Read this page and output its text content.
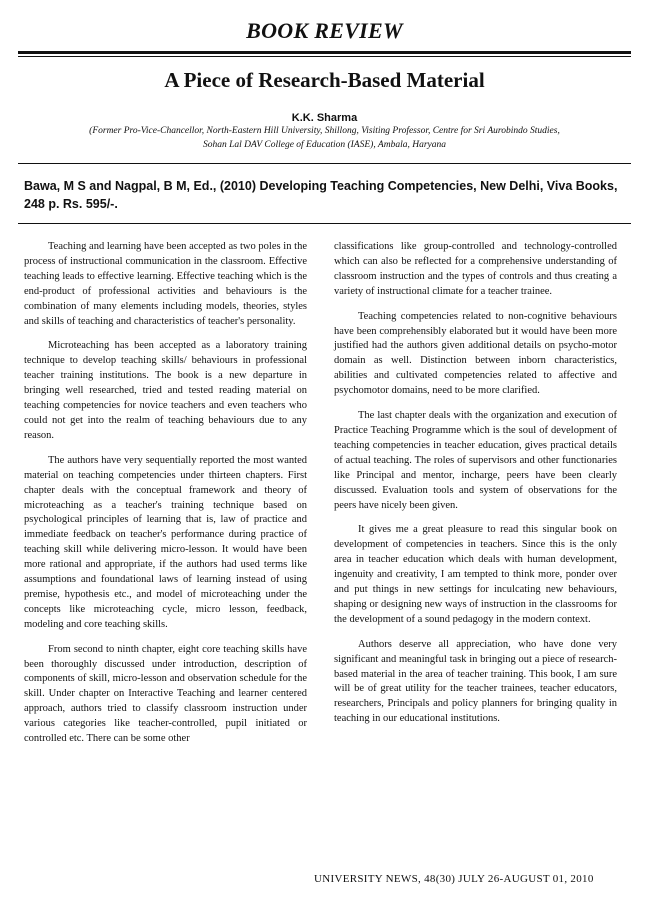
BOOK REVIEW
A Piece of Research-Based Material
K.K. Sharma
(Former Pro-Vice-Chancellor, North-Eastern Hill University, Shillong, Visiting Professor, Centre for Sri Aurobindo Studies,
Sohan Lal DAV College of Education (IASE), Ambala, Haryana
Bawa, M S and Nagpal, B M, Ed., (2010) Developing Teaching Competencies, New Delhi, Viva Books, 248 p. Rs. 595/-.

Teaching and learning have been accepted as two poles in the process of instructional communication in the classroom. Effective teaching leads to effective learning. Effective teaching which is the end-product of professional activities and behaviours is the combination of many elements including models, theories, styles and skills of teaching and characteristics of teacher's personality.

Microteaching has been accepted as a laboratory training technique to develop teaching skills/ behaviours in professional teacher training institutions. The book is a new departure in bringing well researched, tried and tested reading material on teaching competencies for novice teachers and even teachers who could not get into the realm of teaching behaviours due to any reason.

The authors have very sequentially reported the most wanted material on teaching competencies under thirteen chapters. First chapter deals with the conceptual framework and theory of microteaching as a teacher's training technique based on psychological principles of learning that is, law of practice and immediate feedback on teacher's performance during practice of teaching skill while delivering micro-lesson. It would have been more rational and appropriate, if the authors had used terms like assumptions and foundational laws of learning instead of using premise, hypothesis etc., and model of microteaching under the concepts like microteaching cycle, micro lesson, feedback, modeling and core teaching skills.

From second to ninth chapter, eight core teaching skills have been thoroughly discussed under introduction, description of components of skill, micro-lesson and observation schedule for the skill. Under chapter on Interactive Teaching and learner centered approach, authors tried to classify classroom instruction under various categories like teacher-controlled, pupil initiated or controlled etc. There can be some other

classifications like group-controlled and technology-controlled which can also be reflected for a comprehensive understanding of classroom instruction and the types of controls and thus creating a variety of instructional climate for a teacher trainee.

Teaching competencies related to non-cognitive behaviours have been comprehensibly elaborated but it would have been more justified had the authors given additional details on psycho-motor domain as well. Distinction between inborn characteristics, abilities and cultivated competencies related to affective and psychomotor domains, need to be more clarified.

The last chapter deals with the organization and execution of Practice Teaching Programme which is the soul of development of teaching competencies in teacher education, gives practical details of actual teaching. The roles of supervisors and other functionaries like Principal and mentor, incharge, peers have been clearly discussed. Evaluation tools and system of observations for the peers have nicely been given.

It gives me a great pleasure to read this singular book on development of competencies in teachers. Since this is the only area in teacher education which deals with human development, ingenuity and creativity, I am tempted to think more, ponder over and put things in new settings for inculcating new behaviours, shaping or designing new ways of instruction in the classrooms for the development of a sound pedagogy in the modern context.

Authors deserve all appreciation, who have done very significant and meaningful task in bringing out a piece of research-based material in the area of teacher training. This book, I am sure will be of great utility for the teacher trainees, teacher educators, researchers, Principals and policy planners for bringing quality in teaching in our educational institutions.

UNIVERSITY NEWS, 48(30) JULY 26-AUGUST 01, 2010
